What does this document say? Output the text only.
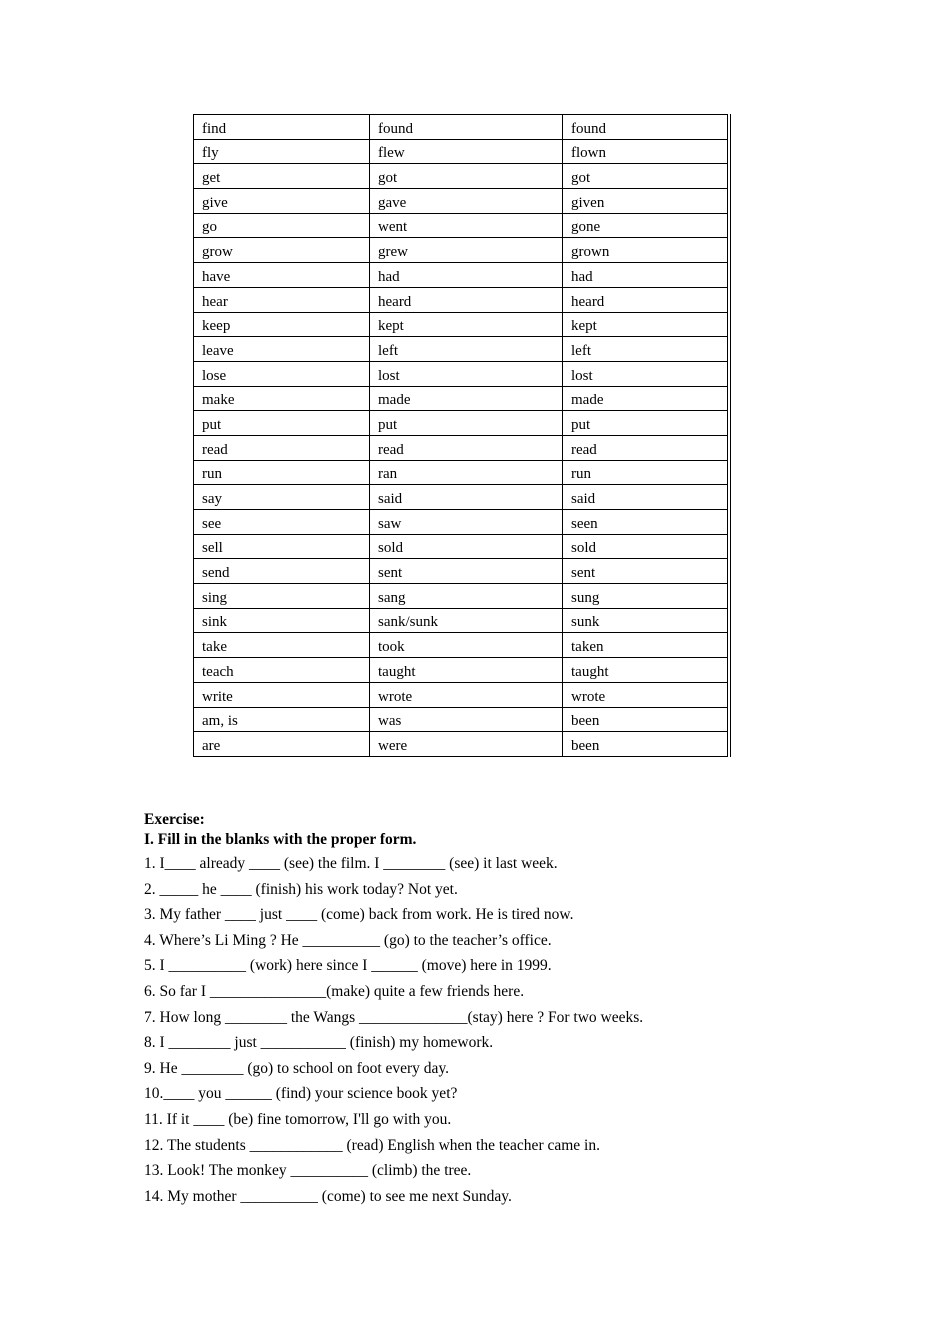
find	found	found
fly	flew	flown
get	got	got
give	gave	given
go	went	gone
grow	grew	grown
have	had	had
hear	heard	heard
keep	kept	kept
leave	left	left
lose	lost	lost
make	made	made
put	put	put
read	read	read
run	ran	run
say	said	said
see	saw	seen
sell	sold	sold
send	sent	sent
sing	sang	sung
sink	sank/sunk	sunk
take	took	taken
teach	taught	taught
write	wrote	wrote
am, is	was	been
are	were	been

Exercise:

I. Fill in the blanks with the proper form.

1. I____ already ____ (see) the film. I ________ (see) it last week.

2. _____ he ____ (finish) his work today? Not yet.

3. My father ____ just ____ (come) back from work. He is tired now.

4. Where’s Li Ming ? He __________ (go) to the teacher’s office.

5. I __________ (work) here since I ______ (move) here in 1999.

6. So far I _______________(make) quite a few friends here.

7. How long ________ the Wangs ______________(stay) here ? For two weeks.

8. I ________ just ___________ (finish) my homework.

9. He ________ (go) to school on foot every day.

10.____ you ______ (find) your science book yet?

11. If it ____ (be) fine tomorrow, I'll go with you.

12. The students ____________ (read) English when the teacher came in.

13. Look! The monkey __________ (climb) the tree.

14. My mother __________ (come) to see me next Sunday.
